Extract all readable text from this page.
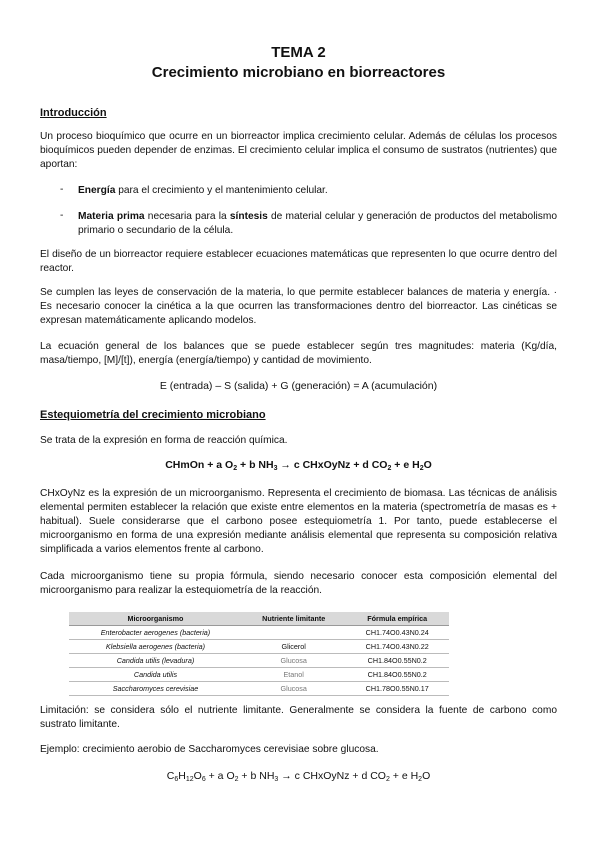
TEMA 2
Crecimiento microbiano en biorreactores
Introducción
Un proceso bioquímico que ocurre en un biorreactor implica crecimiento celular. Además de células los procesos bioquímicos pueden depender de enzimas. El crecimiento celular implica el consumo de sustratos (nutrientes) que aportan:
- Energía para el crecimiento y el mantenimiento celular.
- Materia prima necesaria para la síntesis de material celular y generación de productos del metabolismo primario o secundario de la célula.
El diseño de un biorreactor requiere establecer ecuaciones matemáticas que representen lo que ocurre dentro del reactor.
Se cumplen las leyes de conservación de la materia, lo que permite establecer balances de materia y energía. · Es necesario conocer la cinética a la que ocurren las transformaciones dentro del biorreactor. Las cinéticas se expresan matemáticamente aplicando modelos.
La ecuación general de los balances que se puede establecer según tres magnitudes: materia (Kg/día, masa/tiempo, [M]/[t]), energía (energía/tiempo) y cantidad de movimiento.
E (entrada) – S (salida) + G (generación) = A (acumulación)
Estequiometría del crecimiento microbiano
Se trata de la expresión en forma de reacción química.
CHmOn + a $O_2 + b$ $NH_3 \to c$ CHxOyNz + d $CO_2 + e$ $H_2O$
CHxOyNz es la expresión de un microorganismo. Representa el crecimiento de biomasa. Las técnicas de análisis elemental permiten establecer la relación que existe entre elementos en la materia (spectrometría de masas es + habitual). Suele considerarse que el carbono posee estequiometría 1. Por tanto, puede establecerse el microorganismo en forma de una expresión mediante análisis elemental que representa su composición relativa simplificada a varios elementos frente al carbono.
Cada microorganismo tiene su propia fórmula, siendo necesario conocer esta composición elemental del microorganismo para realizar la estequiometría de la reacción.
Limitación: se considera sólo el nutriente limitante. Generalmente se considera la fuente de carbono como sustrato limitante.
Ejemplo: crecimiento aerobio de Saccharomyces cerevisiae sobre glucosa.
$C_6H_{12}O_6 + a$ $O_2 + b$ $NH_3 \to c$ CHxOyNz + d $CO_2 + e$ $H_2O$
Microorganismo	Nutriente limitante	Fórmula empírica
Enterobacter aerogenes (bacteria)		CH1.74O0.43N0.24
Klebsiella aerogenes (bacteria)	Glicerol	CH1.74O0.43N0.22
Candida utilis (levadura)	Glucosa	CH1.84O0.55N0.2
Candida utilis	Etanol	CH1.84O0.55N0.2
Saccharomyces cerevisiae	Glucosa	CH1.78O0.55N0.17
